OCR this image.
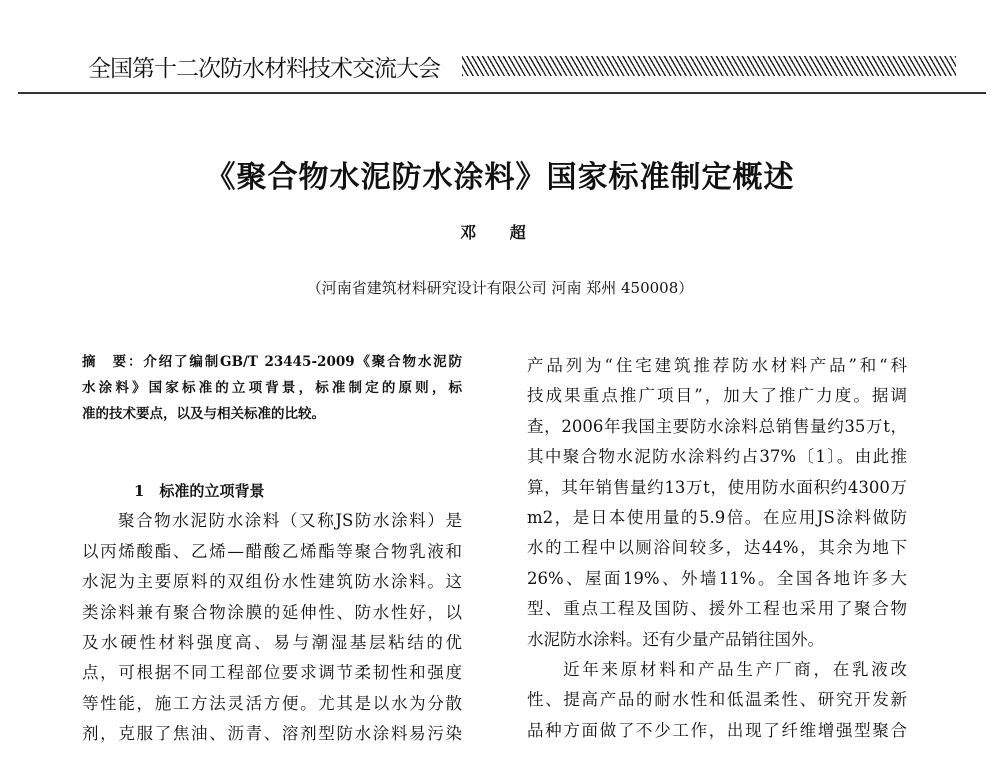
全国第十二次防水材料技术交流大会
《聚合物水泥防水涂料》国家标准制定概述
邓 超
（河南省建筑材料研究设计有限公司 河南 郑州 450008）
摘　要：介绍了编制GB/T 23445-2009《聚合物水泥防
水涂料》国家标准的立项背景，标准制定的原则，标
准的技术要点，以及与相关标准的比较。
1　标准的立项背景
聚合物水泥防水涂料（又称JS防水涂料）是
以丙烯酸酯、乙烯—醋酸乙烯酯等聚合物乳液和
水泥为主要原料的双组份水性建筑防水涂料。这
类涂料兼有聚合物涂膜的延伸性、防水性好，以
及水硬性材料强度高、易与潮湿基层粘结的优
点，可根据不同工程部位要求调节柔韧性和强度
等性能，施工方法灵活方便。尤其是以水为分散
剂，克服了焦油、沥青、溶剂型防水涂料易污染
产品列为“住宅建筑推荐防水材料产品”和“科
技成果重点推广项目”，加大了推广力度。据调
查，2006年我国主要防水涂料总销售量约35万t，
其中聚合物水泥防水涂料约占37%〔1〕。由此推
算，其年销售量约13万t，使用防水面积约4300万
m2，是日本使用量的5.9倍。在应用JS涂料做防
水的工程中以厕浴间较多，达44%，其余为地下
26%、屋面19%、外墙11%。全国各地许多大
型、重点工程及国防、援外工程也采用了聚合物
水泥防水涂料。还有少量产品销往国外。
近年来原材料和产品生产厂商，在乳液改
性、提高产品的耐水性和低温柔性、研究开发新
品种方面做了不少工作，出现了纤维增强型聚合
